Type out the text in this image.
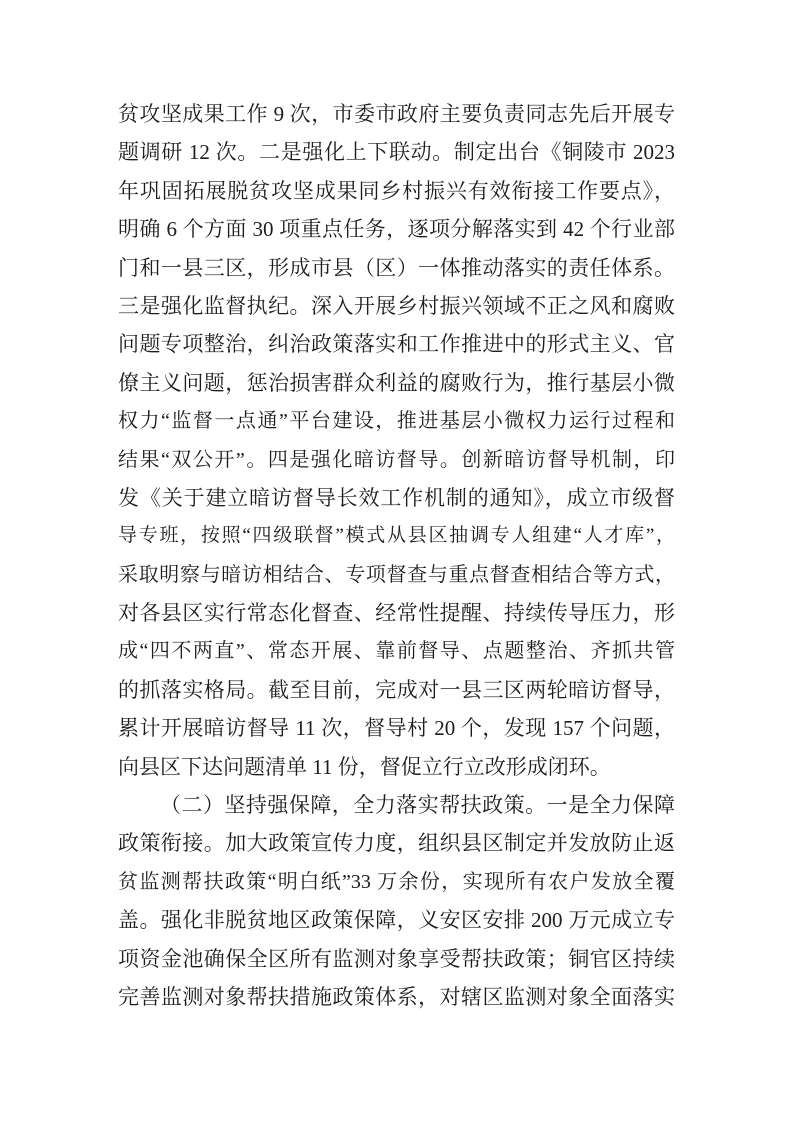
贫攻坚成果工作 9 次，市委市政府主要负责同志先后开展专
题调研 12 次。二是强化上下联动。制定出台《铜陵市 2023
年巩固拓展脱贫攻坚成果同乡村振兴有效衔接工作要点》，
明确 6 个方面 30 项重点任务，逐项分解落实到 42 个行业部
门和一县三区，形成市县（区）一体推动落实的责任体系。
三是强化监督执纪。深入开展乡村振兴领域不正之风和腐败
问题专项整治，纠治政策落实和工作推进中的形式主义、官
僚主义问题，惩治损害群众利益的腐败行为，推行基层小微
权力“监督一点通”平台建设，推进基层小微权力运行过程和
结果“双公开”。四是强化暗访督导。创新暗访督导机制，印
发《关于建立暗访督导长效工作机制的通知》，成立市级督
导专班，按照“四级联督”模式从县区抽调专人组建“人才库”，
采取明察与暗访相结合、专项督查与重点督查相结合等方式，
对各县区实行常态化督查、经常性提醒、持续传导压力，形
成“四不两直”、常态开展、靠前督导、点题整治、齐抓共管
的抓落实格局。截至目前，完成对一县三区两轮暗访督导，
累计开展暗访督导 11 次，督导村 20 个，发现 157 个问题，
向县区下达问题清单 11 份，督促立行立改形成闭环。
（二）坚持强保障，全力落实帮扶政策。一是全力保障
政策衔接。加大政策宣传力度，组织县区制定并发放防止返
贫监测帮扶政策“明白纸”33 万余份，实现所有农户发放全覆
盖。强化非脱贫地区政策保障，义安区安排 200 万元成立专
项资金池确保全区所有监测对象享受帮扶政策；铜官区持续
完善监测对象帮扶措施政策体系，对辖区监测对象全面落实
